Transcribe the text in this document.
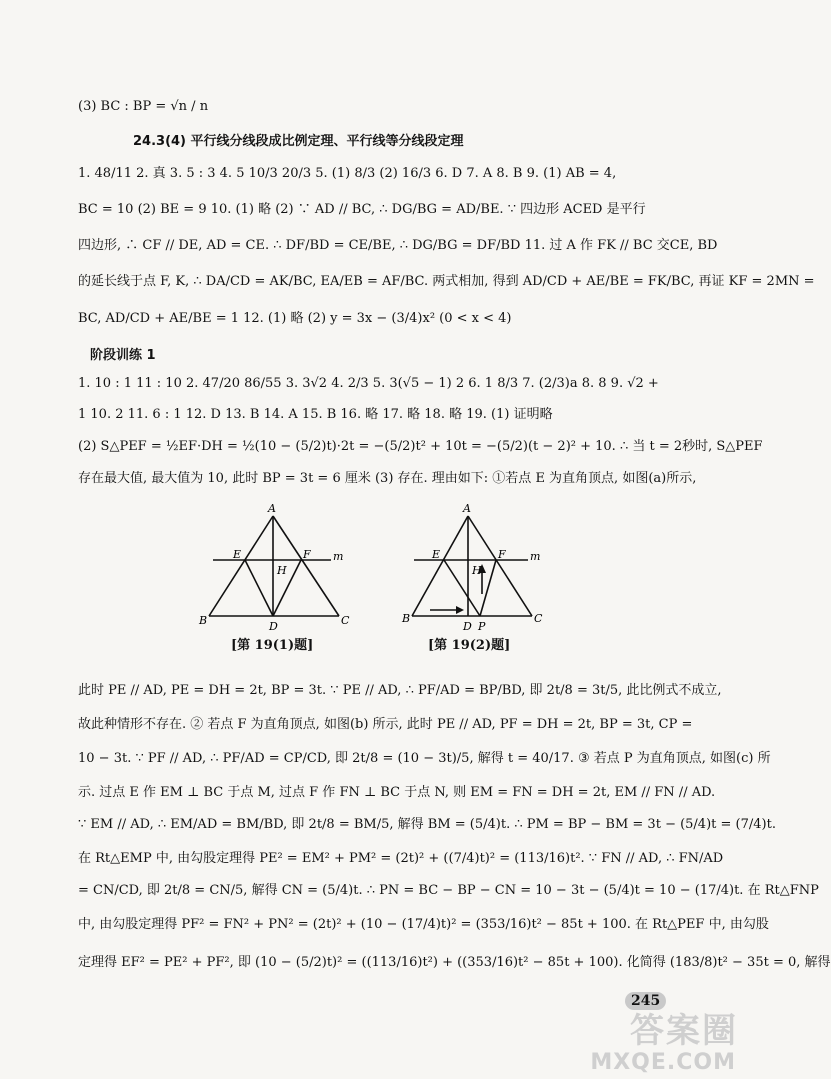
(3) BC : BP = √n / n
24.3(4) 平行线分线段成比例定理、平行线等分线段定理
1. 48/11 2. 真 3. 5 : 3 4. 5 10/3 20/3 5. (1) 8/3 (2) 16/3 6. D 7. A 8. B 9. (1) AB = 4,
BC = 10 (2) BE = 9 10. (1) 略 (2) ∵ AD // BC, ∴ DG/BG = AD/BE. ∵ 四边形 ACED 是平行
四边形, ∴ CF // DE, AD = CE. ∴ DF/BD = CE/BE, ∴ DG/BG = DF/BD 11. 过 A 作 FK // BC 交CE, BD
的延长线于点 F, K, ∴ DA/CD = AK/BC, EA/EB = AF/BC. 两式相加, 得到 AD/CD + AE/BE = FK/BC, 再证 KF = 2MN =
BC, AD/CD + AE/BE = 1 12. (1) 略 (2) y = 3x − (3/4)x² (0 < x < 4)
阶段训练 1
1. 10 : 1 11 : 10 2. 47/20 86/55 3. 3√2 4. 2/3 5. 3(√5 − 1) 2 6. 1 8/3 7. (2/3)a 8. 8 9. √2 +
1 10. 2 11. 6 : 1 12. D 13. B 14. A 15. B 16. 略 17. 略 18. 略 19. (1) 证明略
(2) S△PEF = ½EF·DH = ½(10 − (5/2)t)·2t = −(5/2)t² + 10t = −(5/2)(t − 2)² + 10. ∴ 当 t = 2秒时, S△PEF
存在最大值, 最大值为 10, 此时 BP = 3t = 6 厘米 (3) 存在. 理由如下: ①若点 E 为直角顶点, 如图(a)所示,
A
E	F m
H
B	C
D
[第 19(1)题]
A
E	F m
H
B	C
D P
[第 19(2)题]
此时 PE // AD, PE = DH = 2t, BP = 3t. ∵ PE // AD, ∴ PF/AD = BP/BD, 即 2t/8 = 3t/5, 此比例式不成立,
故此种情形不存在. ② 若点 F 为直角顶点, 如图(b) 所示, 此时 PE // AD, PF = DH = 2t, BP = 3t, CP =
10 − 3t. ∵ PF // AD, ∴ PF/AD = CP/CD, 即 2t/8 = (10 − 3t)/5, 解得 t = 40/17. ③ 若点 P 为直角顶点, 如图(c) 所
示. 过点 E 作 EM ⊥ BC 于点 M, 过点 F 作 FN ⊥ BC 于点 N, 则 EM = FN = DH = 2t, EM // FN // AD.
∵ EM // AD, ∴ EM/AD = BM/BD, 即 2t/8 = BM/5, 解得 BM = (5/4)t. ∴ PM = BP − BM = 3t − (5/4)t = (7/4)t.
在 Rt△EMP 中, 由勾股定理得 PE² = EM² + PM² = (2t)² + ((7/4)t)² = (113/16)t². ∵ FN // AD, ∴ FN/AD
= CN/CD, 即 2t/8 = CN/5, 解得 CN = (5/4)t. ∴ PN = BC − BP − CN = 10 − 3t − (5/4)t = 10 − (17/4)t. 在 Rt△FNP
中, 由勾股定理得 PF² = FN² + PN² = (2t)² + (10 − (17/4)t)² = (353/16)t² − 85t + 100. 在 Rt△PEF 中, 由勾股
定理得 EF² = PE² + PF², 即 (10 − (5/2)t)² = ((113/16)t²) + ((353/16)t² − 85t + 100). 化简得 (183/8)t² − 35t = 0, 解得
245
答案圈
MXQE.COM
